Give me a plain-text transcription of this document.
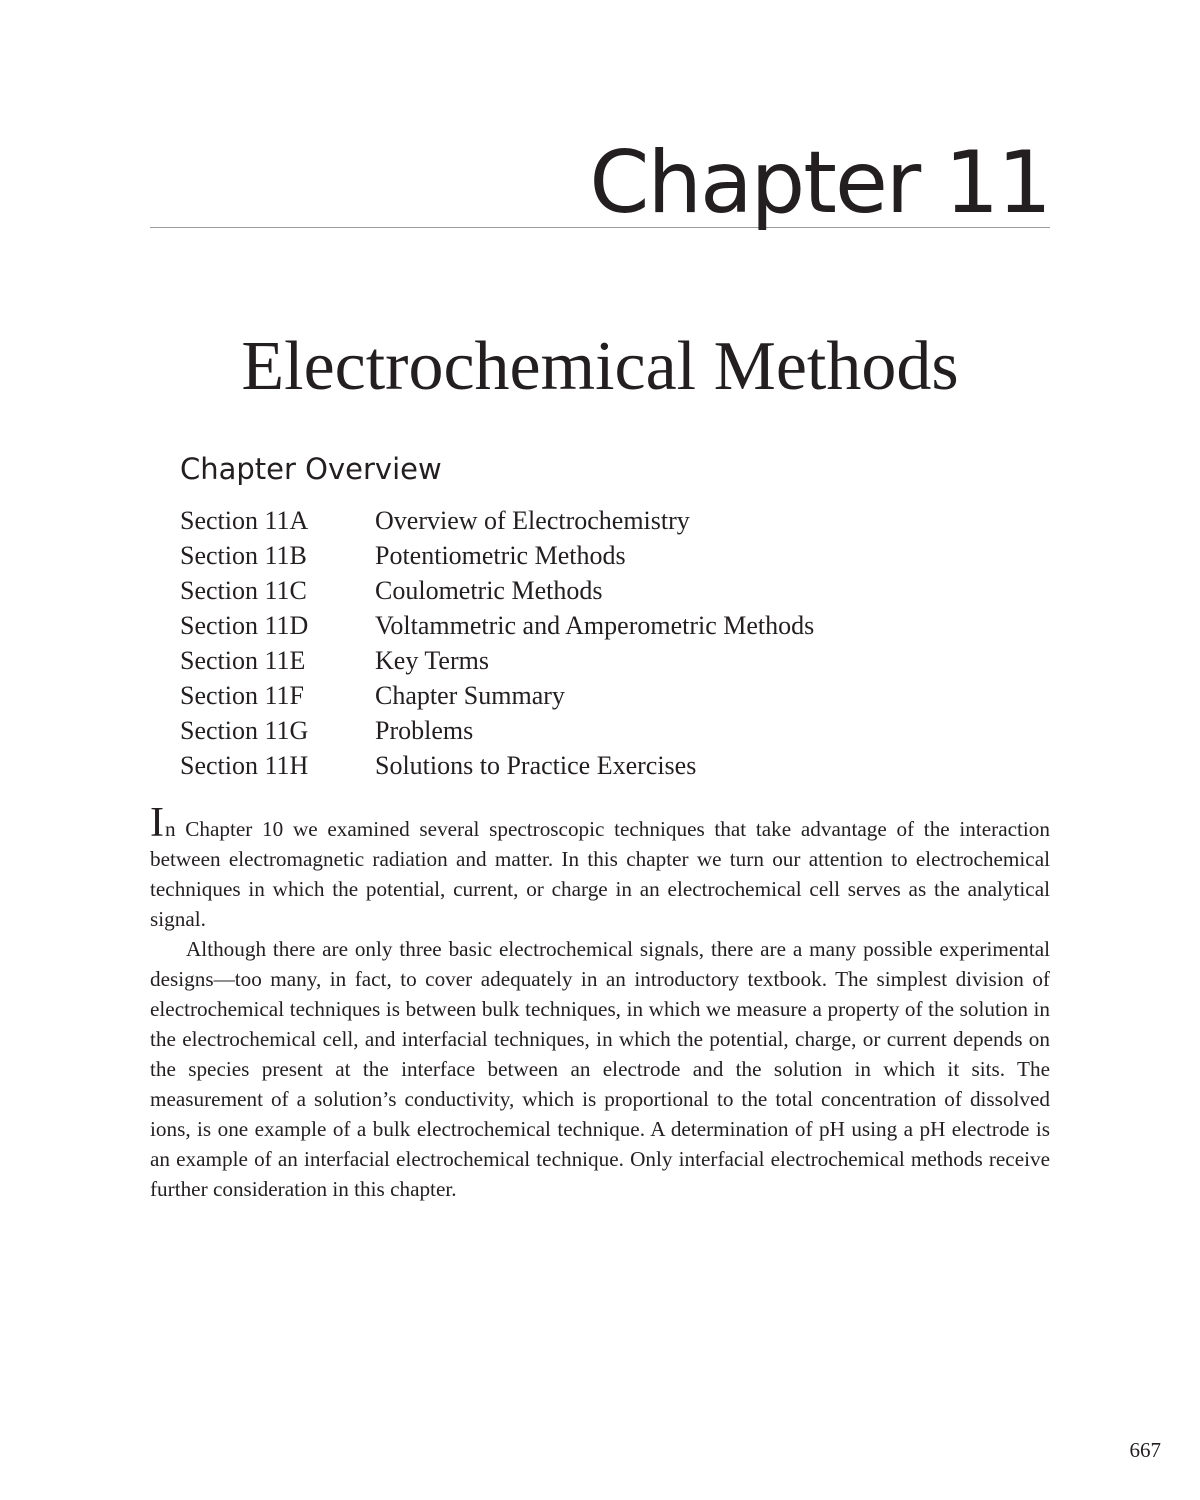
Chapter 11
Electrochemical Methods
Chapter Overview
Section 11A	Overview of Electrochemistry
Section 11B	Potentiometric Methods
Section 11C	Coulometric Methods
Section 11D	Voltammetric and Amperometric Methods
Section 11E	Key Terms
Section 11F	Chapter Summary
Section 11G	Problems
Section 11H	Solutions to Practice Exercises

In Chapter 10 we examined several spectroscopic techniques that take advantage of the interaction between electromagnetic radiation and matter. In this chapter we turn our attention to electrochemical techniques in which the potential, current, or charge in an electrochemical cell serves as the analytical signal.

Although there are only three basic electrochemical signals, there are a many possible experimental designs—too many, in fact, to cover adequately in an introductory textbook. The simplest division of electrochemical techniques is between bulk techniques, in which we measure a property of the solution in the electrochemical cell, and interfacial techniques, in which the potential, charge, or current depends on the species present at the interface between an electrode and the solution in which it sits. The measurement of a solution’s conductivity, which is proportional to the total concentration of dissolved ions, is one example of a bulk electrochemical technique. A determination of pH using a pH electrode is an example of an interfacial electrochemical technique. Only interfacial electrochemical methods receive further consideration in this chapter.

667
